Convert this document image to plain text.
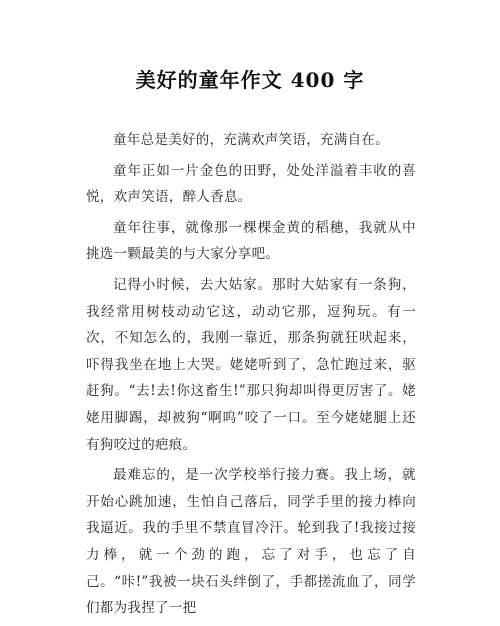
美好的童年作文 400 字

童年总是美好的，充满欢声笑语，充满自在。

童年正如一片金色的田野，处处洋溢着丰收的喜悦，欢声笑语，醉人香息。

童年往事，就像那一棵棵金黄的稻穗，我就从中挑选一颗最美的与大家分享吧。

记得小时候，去大姑家。那时大姑家有一条狗，我经常用树枝动动它这，动动它那，逗狗玩。有一次，不知怎么的，我刚一靠近，那条狗就狂吠起来，吓得我坐在地上大哭。姥姥听到了，急忙跑过来，驱赶狗。“去!去!你这畜生!”那只狗却叫得更厉害了。姥姥用脚踢，却被狗“啊呜”咬了一口。至今姥姥腿上还有狗咬过的疤痕。

最难忘的，是一次学校举行接力赛。我上场，就开始心跳加速，生怕自己落后，同学手里的接力棒向我逼近。我的手里不禁直冒冷汗。轮到我了!我接过接力棒，就一个劲的跑，忘了对手，也忘了自己。“咔!”我被一块石头绊倒了，手都搓流血了，同学们都为我捏了一把
